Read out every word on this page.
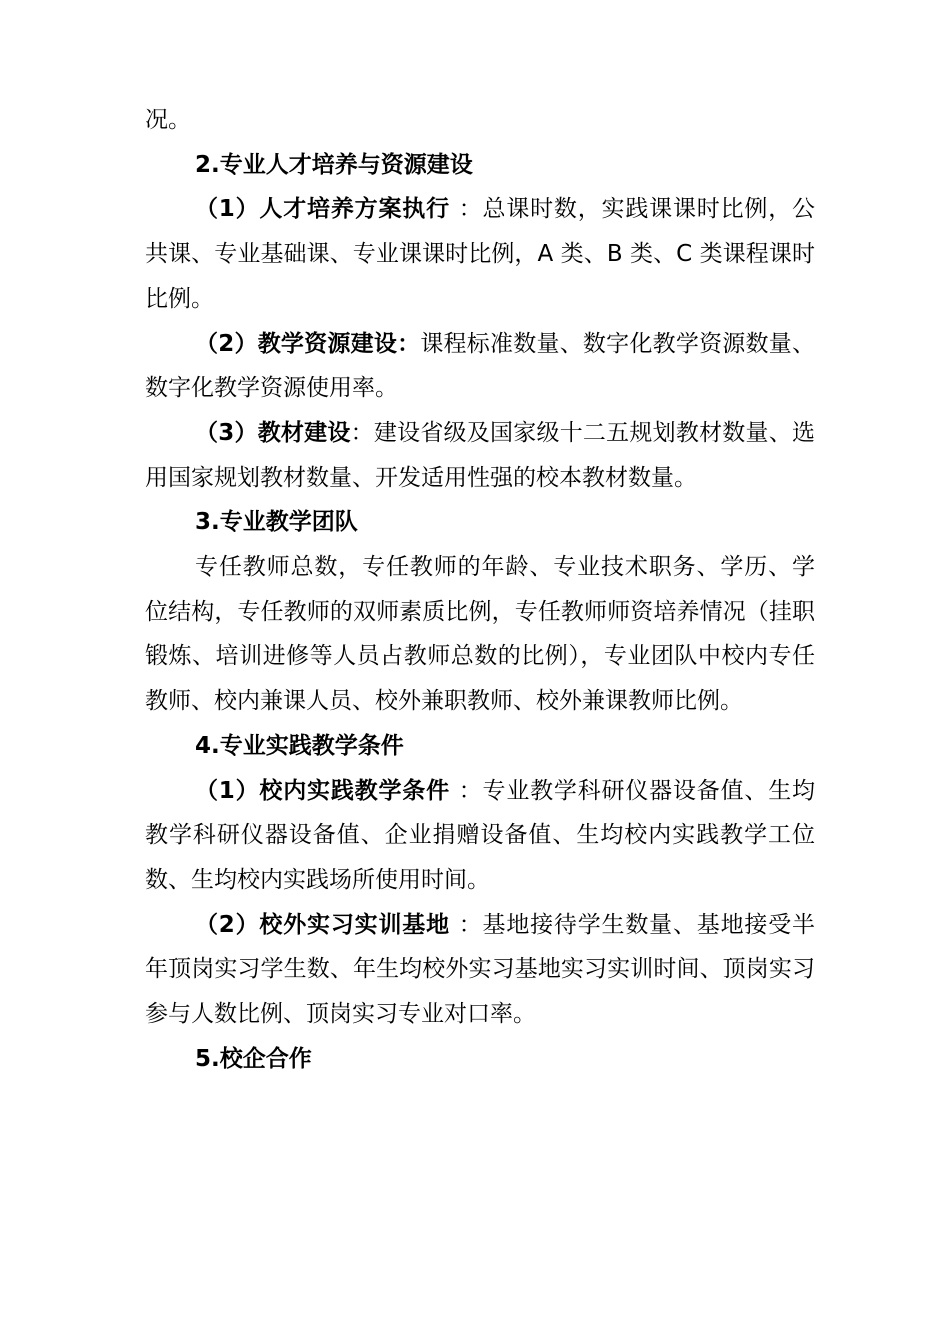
况。

2.专业人才培养与资源建设

（1）人才培养方案执行 ：总课时数，实践课课时比例，公共课、专业基础课、专业课课时比例，A 类、B 类、C 类课程课时比例。

（2）教学资源建设：课程标准数量、数字化教学资源数量、数字化教学资源使用率。

（3）教材建设：建设省级及国家级十二五规划教材数量、选用国家规划教材数量、开发适用性强的校本教材数量。

3.专业教学团队

专任教师总数，专任教师的年龄、专业技术职务、学历、学位结构，专任教师的双师素质比例，专任教师师资培养情况（挂职锻炼、培训进修等人员占教师总数的比例），专业团队中校内专任教师、校内兼课人员、校外兼职教师、校外兼课教师比例。

4.专业实践教学条件

（1）校内实践教学条件 ：专业教学科研仪器设备值、生均教学科研仪器设备值、企业捐赠设备值、生均校内实践教学工位数、生均校内实践场所使用时间。

（2）校外实习实训基地 ：基地接待学生数量、基地接受半年顶岗实习学生数、年生均校外实习基地实习实训时间、顶岗实习参与人数比例、顶岗实习专业对口率。

5.校企合作
